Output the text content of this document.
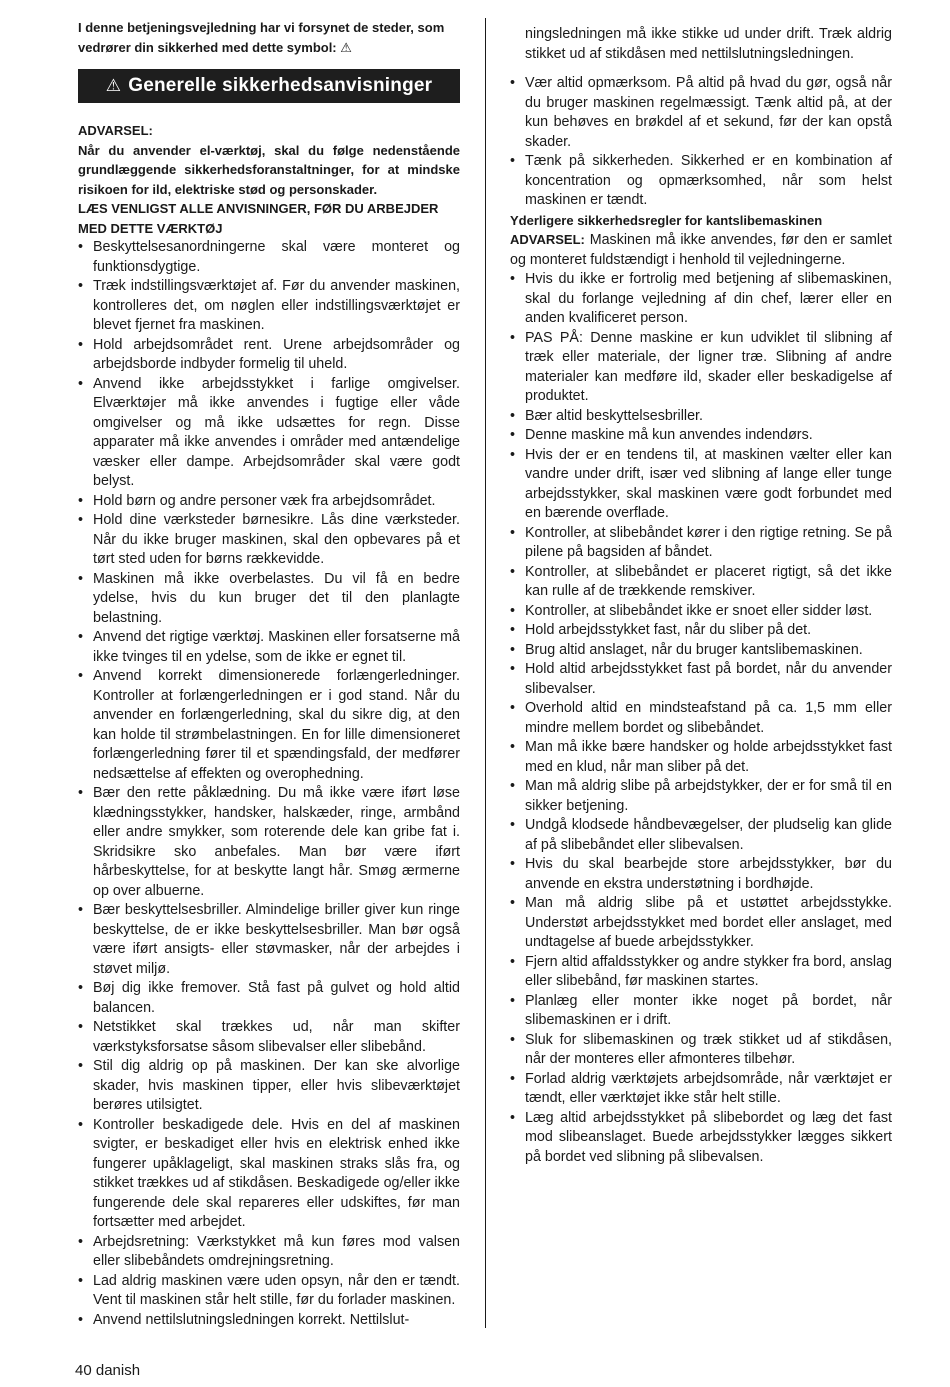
I denne betjeningsvejledning har vi forsynet de steder, som vedrører din sikkerhed med dette symbol: ⚠

⚠ Generelle sikkerhedsanvisninger

ADVARSEL:

Når du anvender el-værktøj, skal du følge nedenstående grundlæggende sikkerhedsforanstaltninger, for at mindske risikoen for ild, elektriske stød og personskader.

LÆS VENLIGST ALLE ANVISNINGER, FØR DU ARBEJDER MED DETTE VÆRKTØJ

• Beskyttelsesanordningerne skal være monteret og funktionsdygtige.
• Træk indstillingsværktøjet af. Før du anvender maskinen, kontrolleres det, om nøglen eller indstillingsværktøjet er blevet fjernet fra maskinen.
• Hold arbejdsområdet rent. Urene arbejdsområder og arbejdsborde indbyder formelig til uheld.
• Anvend ikke arbejdsstykket i farlige omgivelser. Elværktøjer må ikke anvendes i fugtige eller våde omgivelser og må ikke udsættes for regn. Disse apparater må ikke anvendes i områder med antændelige væsker eller dampe. Arbejdsområder skal være godt belyst.
• Hold børn og andre personer væk fra arbejdsområdet.
• Hold dine værksteder børnesikre. Lås dine værksteder. Når du ikke bruger maskinen, skal den opbevares på et tørt sted uden for børns rækkevidde.
• Maskinen må ikke overbelastes. Du vil få en bedre ydelse, hvis du kun bruger det til den planlagte belastning.
• Anvend det rigtige værktøj. Maskinen eller forsatserne må ikke tvinges til en ydelse, som de ikke er egnet til.
• Anvend korrekt dimensionerede forlængerledninger. Kontroller at forlængerledningen er i god stand. Når du anvender en forlængerledning, skal du sikre dig, at den kan holde til strømbelastningen. En for lille dimensioneret forlængerledning fører til et spændingsfald, der medfører nedsættelse af effekten og overophedning.
• Bær den rette påklædning. Du må ikke være iført løse klædningsstykker, handsker, halskæder, ringe, armbånd eller andre smykker, som roterende dele kan gribe fat i. Skridsikre sko anbefales. Man bør være iført hårbeskyttelse, for at beskytte langt hår. Smøg ærmerne op over albuerne.
• Bær beskyttelsesbriller. Almindelige briller giver kun ringe beskyttelse, de er ikke beskyttelsesbriller. Man bør også være iført ansigts- eller støvmasker, når der arbejdes i støvet miljø.
• Bøj dig ikke fremover. Stå fast på gulvet og hold altid balancen.
• Netstikket skal trækkes ud, når man skifter værkstyksforsatse såsom slibevalser eller slibebånd.
• Stil dig aldrig op på maskinen. Der kan ske alvorlige skader, hvis maskinen tipper, eller hvis slibeværktøjet berøres utilsigtet.
• Kontroller beskadigede dele. Hvis en del af maskinen svigter, er beskadiget eller hvis en elektrisk enhed ikke fungerer upåklageligt, skal maskinen straks slås fra, og stikket trækkes ud af stikdåsen. Beskadigede og/eller ikke fungerende dele skal repareres eller udskiftes, før man fortsætter med arbejdet.
• Arbejdsretning: Værkstykket må kun føres mod valsen eller slibebåndets omdrejningsretning.
• Lad aldrig maskinen være uden opsyn, når den er tændt. Vent til maskinen står helt stille, før du forlader maskinen.
• Anvend nettilslutningsledningen korrekt. Nettilslut-

ningsledningen må ikke stikke ud under drift. Træk aldrig stikket ud af stikdåsen med nettilslutningsledningen.

• Vær altid opmærksom. På altid på hvad du gør, også når du bruger maskinen regelmæssigt. Tænk altid på, at der kun behøves en brøkdel af et sekund, før der kan opstå skader.
• Tænk på sikkerheden. Sikkerhed er en kombination af koncentration og opmærksomhed, når som helst maskinen er tændt.

Yderligere sikkerhedsregler for kantslibemaskinen

ADVARSEL: Maskinen må ikke anvendes, før den er samlet og monteret fuldstændigt i henhold til vejledningerne.

• Hvis du ikke er fortrolig med betjening af slibemaskinen, skal du forlange vejledning af din chef, lærer eller en anden kvalificeret person.
• PAS PÅ: Denne maskine er kun udviklet til slibning af træk eller materiale, der ligner træ. Slibning af andre materialer kan medføre ild, skader eller beskadigelse af produktet.
• Bær altid beskyttelsesbriller.
• Denne maskine må kun anvendes indendørs.
• Hvis der er en tendens til, at maskinen vælter eller kan vandre under drift, især ved slibning af lange eller tunge arbejdsstykker, skal maskinen være godt forbundet med en bærende overflade.
• Kontroller, at slibebåndet kører i den rigtige retning. Se på pilene på bagsiden af båndet.
• Kontroller, at slibebåndet er placeret rigtigt, så det ikke kan rulle af de trækkende remskiver.
• Kontroller, at slibebåndet ikke er snoet eller sidder løst.
• Hold arbejdsstykket fast, når du sliber på det.
• Brug altid anslaget, når du bruger kantslibemaskinen.
• Hold altid arbejdsstykket fast på bordet, når du anvender slibevalser.
• Overhold altid en mindsteafstand på ca. 1,5 mm eller mindre mellem bordet og slibebåndet.
• Man må ikke bære handsker og holde arbejdsstykket fast med en klud, når man sliber på det.
• Man må aldrig slibe på arbejdstykker, der er for små til en sikker betjening.
• Undgå klodsede håndbevægelser, der pludselig kan glide af på slibebåndet eller slibevalsen.
• Hvis du skal bearbejde store arbejdsstykker, bør du anvende en ekstra understøtning i bordhøjde.
• Man må aldrig slibe på et ustøttet arbejdsstykke. Understøt arbejdsstykket med bordet eller anslaget, med undtagelse af buede arbejdsstykker.
• Fjern altid affaldsstykker og andre stykker fra bord, anslag eller slibebånd, før maskinen startes.
• Planlæg eller monter ikke noget på bordet, når slibemaskinen er i drift.
• Sluk for slibemaskinen og træk stikket ud af stikdåsen, når der monteres eller afmonteres tilbehør.
• Forlad aldrig værktøjets arbejdsområde, når værktøjet er tændt, eller værktøjet ikke står helt stille.
• Læg altid arbejdsstykket på slibebordet og læg det fast mod slibeanslaget. Buede arbejdsstykker lægges sikkert på bordet ved slibning på slibevalsen.
40 danish
